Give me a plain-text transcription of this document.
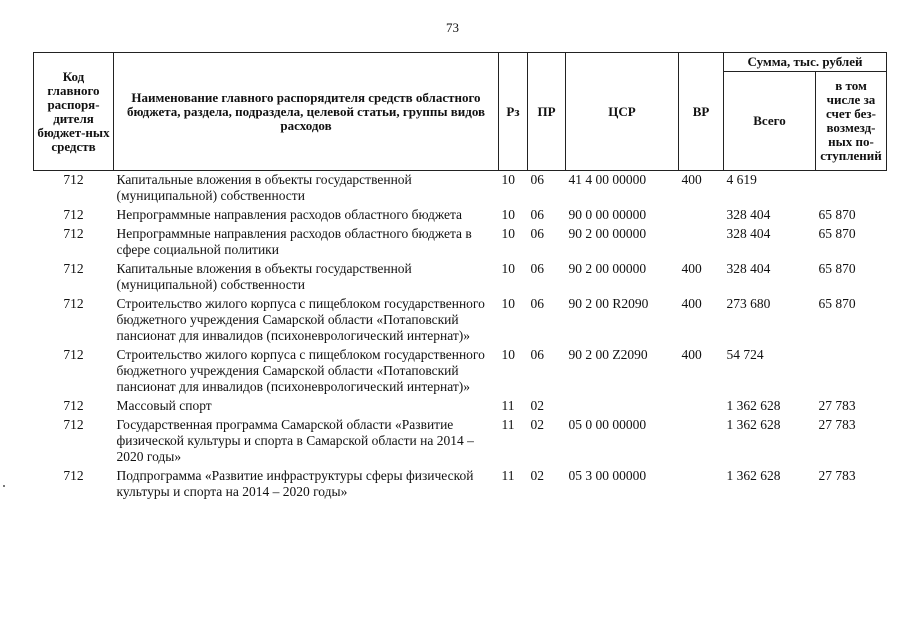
73
Код главного распоря-дителя бюджет-ных средств	Наименование главного распорядителя средств областного бюджета, раздела, подраздела, целевой статьи, группы видов расходов	Рз	ПР	ЦСР	ВР	Сумма, тыс. рублей	
						Всего	в том числе за счет без-возмезд-ных по-ступлений
712	Капитальные вложения в объекты государственной (муниципальной) собственности	10	06	41 4 00 00000	400	4 619	
712	Непрограммные направления расходов областного бюджета	10	06	90 0 00 00000		328 404	65 870
712	Непрограммные направления расходов областного бюджета в сфере социальной политики	10	06	90 2 00 00000		328 404	65 870
712	Капитальные вложения в объекты государственной (муниципальной) собственности	10	06	90 2 00 00000	400	328 404	65 870
712	Строительство жилого корпуса с пищеблоком государственного бюджетного учреждения Самарской области «Потаповский пансионат для инвалидов (психоневрологический интернат)»	10	06	90 2 00 R2090	400	273 680	65 870
712	Строительство жилого корпуса с пищеблоком государственного бюджетного учреждения Самарской области «Потаповский пансионат для инвалидов (психоневрологический интернат)»	10	06	90 2 00 Z2090	400	54 724	
712	Массовый спорт	11	02			1 362 628	27 783
712	Государственная программа Самарской области «Развитие физической культуры и спорта в Самарской области на 2014 – 2020 годы»	11	02	05 0 00 00000		1 362 628	27 783
712	Подпрограмма «Развитие инфраструктуры сферы физической культуры и спорта на 2014 – 2020 годы»	11	02	05 3 00 00000		1 362 628	27 783
